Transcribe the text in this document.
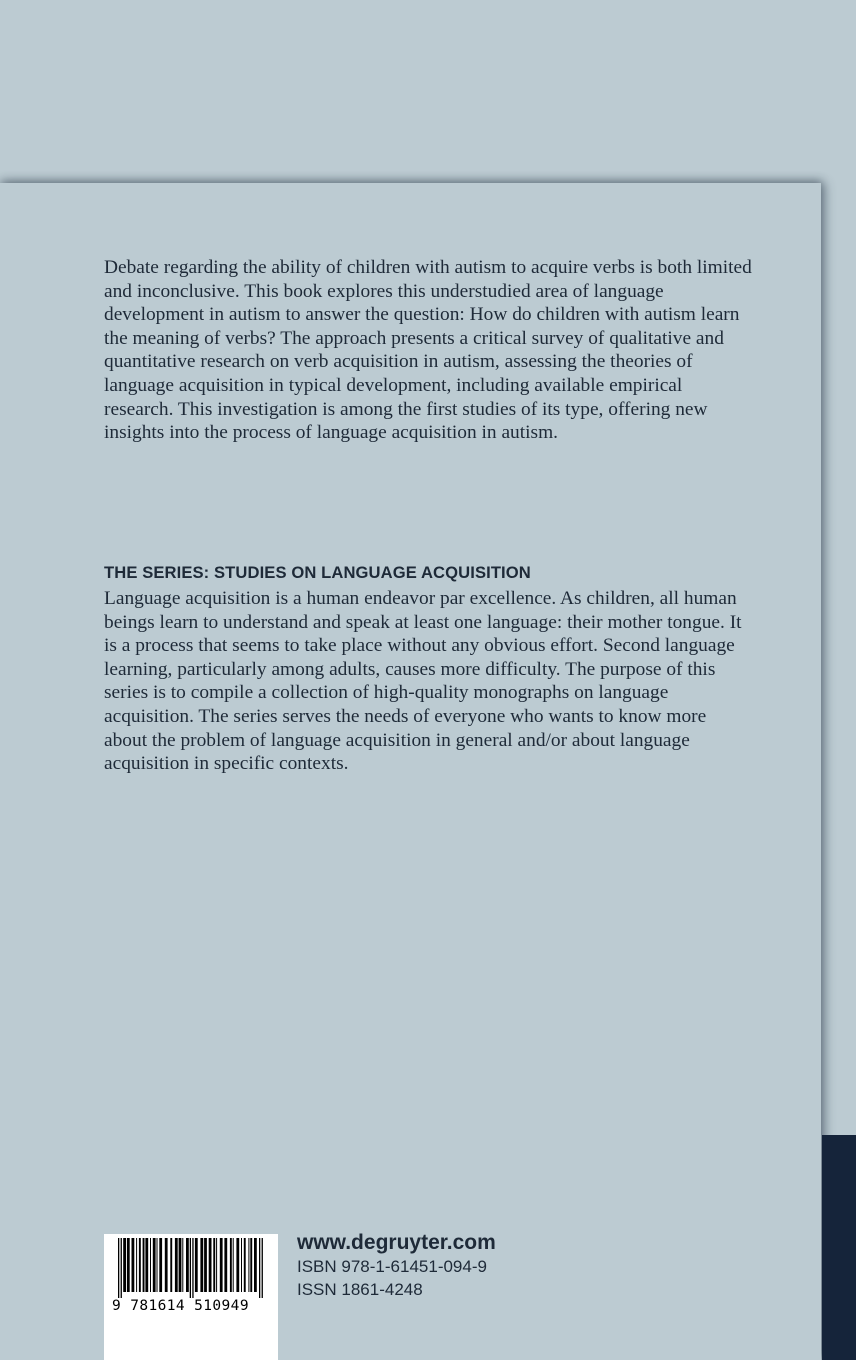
Debate regarding the ability of children with autism to acquire verbs is both limited and inconclusive. This book explores this understudied area of language development in autism to answer the question: How do children with autism learn the meaning of verbs? The approach presents a critical survey of qualitative and quantitative research on verb acquisition in autism, assessing the theories of language acquisition in typical development, including available empirical research. This investigation is among the first studies of its type, offering new insights into the process of language acquisition in autism.

THE SERIES: STUDIES ON LANGUAGE ACQUISITION

Language acquisition is a human endeavor par excellence. As children, all human beings learn to understand and speak at least one language: their mother tongue. It is a process that seems to take place without any obvious effort. Second language learning, particularly among adults, causes more difficulty. The purpose of this series is to compile a collection of high-quality monographs on language acquisition. The series serves the needs of everyone who wants to know more about the problem of language acquisition in general and/or about language acquisition in specific contexts.

9 781614 510949

www.degruyter.com

ISBN 978-1-61451-094-9

ISSN 1861-4248
